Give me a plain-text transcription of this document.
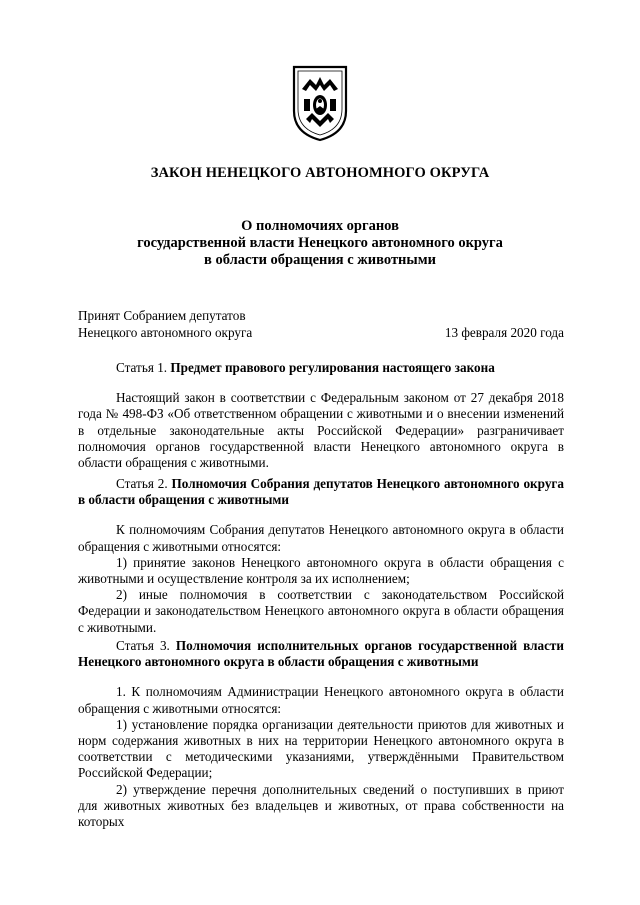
ЗАКОН НЕНЕЦКОГО АВТОНОМНОГО ОКРУГА
О полномочиях органов
государственной власти Ненецкого автономного округа
в области обращения с животными
Принят Собранием депутатов
Ненецкого автономного округа	13 февраля 2020 года
Статья 1. Предмет правового регулирования настоящего закона
Настоящий закон в соответствии с Федеральным законом от 27 декабря 2018 года № 498-ФЗ «Об ответственном обращении с животными и о внесении изменений в отдельные законодательные акты Российской Федерации» разграничивает полномочия органов государственной власти Ненецкого автономного округа в области обращения с животными.
Статья 2. Полномочия Собрания депутатов Ненецкого автономного округа в области обращения с животными
К полномочиям Собрания депутатов Ненецкого автономного округа в области обращения с животными относятся:
1) принятие законов Ненецкого автономного округа в области обращения с животными и осуществление контроля за их исполнением;
2) иные полномочия в соответствии с законодательством Российской Федерации и законодательством Ненецкого автономного округа в области обращения с животными.
Статья 3. Полномочия исполнительных органов государственной власти Ненецкого автономного округа в области обращения с животными
1. К полномочиям Администрации Ненецкого автономного округа в области обращения с животными относятся:
1) установление порядка организации деятельности приютов для животных и норм содержания животных в них на территории Ненецкого автономного округа в соответствии с методическими указаниями, утверждёнными Правительством Российской Федерации;
2) утверждение перечня дополнительных сведений о поступивших в приют для животных животных без владельцев и животных, от права собственности на которых
